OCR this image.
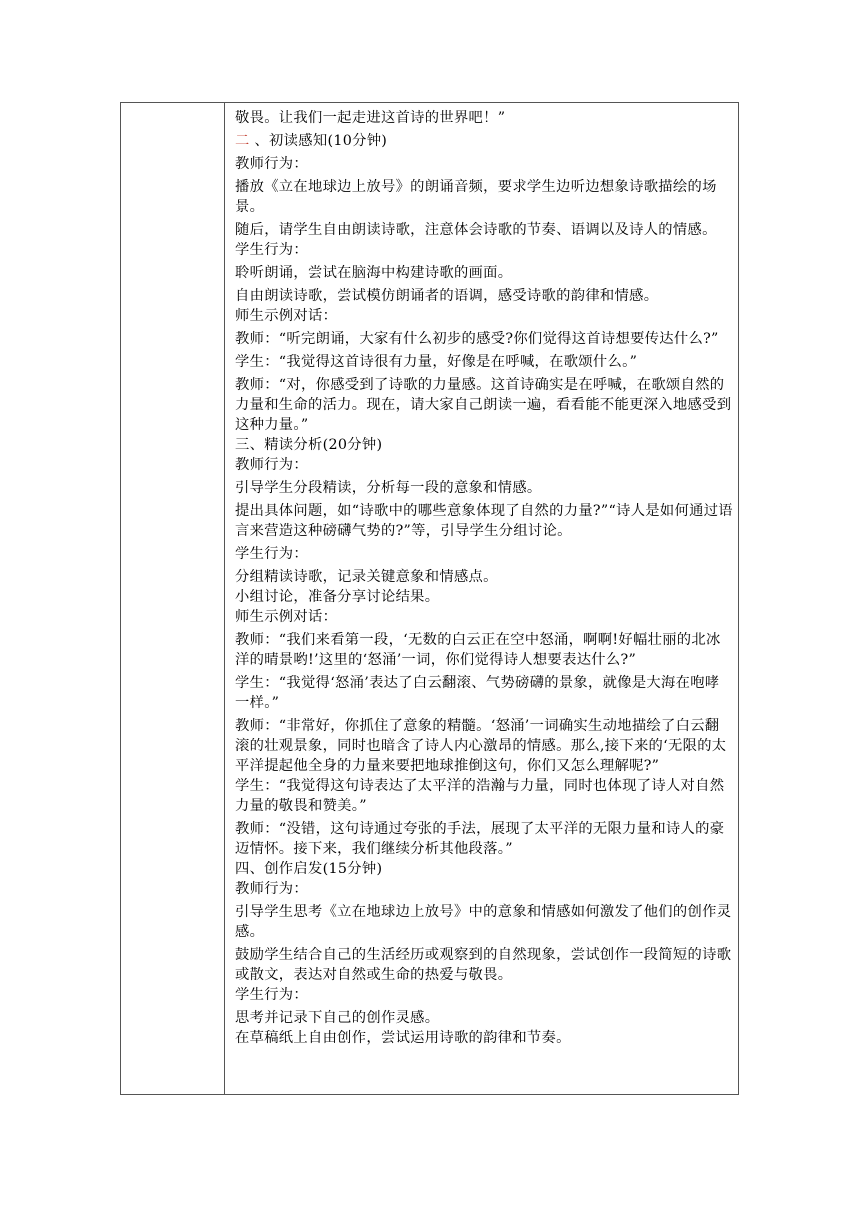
敬畏。让我们一起走进这首诗的世界吧！”

二 、初读感知(10分钟)

教师行为：

播放《立在地球边上放号》的朗诵音频，要求学生边听边想象诗歌描绘的场景。

随后，请学生自由朗读诗歌，注意体会诗歌的节奏、语调以及诗人的情感。

学生行为：

聆听朗诵，尝试在脑海中构建诗歌的画面。

自由朗读诗歌，尝试模仿朗诵者的语调，感受诗歌的韵律和情感。

师生示例对话：

教师：“听完朗诵，大家有什么初步的感受?你们觉得这首诗想要传达什么?”

学生：“我觉得这首诗很有力量，好像是在呼喊，在歌颂什么。”

教师：“对，你感受到了诗歌的力量感。这首诗确实是在呼喊，在歌颂自然的力量和生命的活力。现在，请大家自己朗读一遍，看看能不能更深入地感受到这种力量。”

三、精读分析(20分钟)

教师行为：

引导学生分段精读，分析每一段的意象和情感。

提出具体问题，如“诗歌中的哪些意象体现了自然的力量?”“诗人是如何通过语言来营造这种磅礴气势的?”等，引导学生分组讨论。

学生行为：

分组精读诗歌，记录关键意象和情感点。

小组讨论，准备分享讨论结果。

师生示例对话：

教师：“我们来看第一段，‘无数的白云正在空中怒涌，啊啊!好幅壮丽的北冰洋的晴景哟!’这里的‘怒涌’一词，你们觉得诗人想要表达什么?”

学生：“我觉得‘怒涌’表达了白云翻滚、气势磅礴的景象，就像是大海在咆哮一样。”

教师：“非常好，你抓住了意象的精髓。‘怒涌’一词确实生动地描绘了白云翻滚的壮观景象，同时也暗含了诗人内心激昂的情感。那么,接下来的‘无限的太平洋提起他全身的力量来要把地球推倒这句，你们又怎么理解呢?”

学生：“我觉得这句诗表达了太平洋的浩瀚与力量，同时也体现了诗人对自然力量的敬畏和赞美。”

教师：“没错，这句诗通过夸张的手法，展现了太平洋的无限力量和诗人的豪迈情怀。接下来，我们继续分析其他段落。”

四、创作启发(15分钟)

教师行为：

引导学生思考《立在地球边上放号》中的意象和情感如何激发了他们的创作灵感。

鼓励学生结合自己的生活经历或观察到的自然现象，尝试创作一段简短的诗歌或散文，表达对自然或生命的热爱与敬畏。

学生行为：

思考并记录下自己的创作灵感。

在草稿纸上自由创作，尝试运用诗歌的韵律和节奏。
